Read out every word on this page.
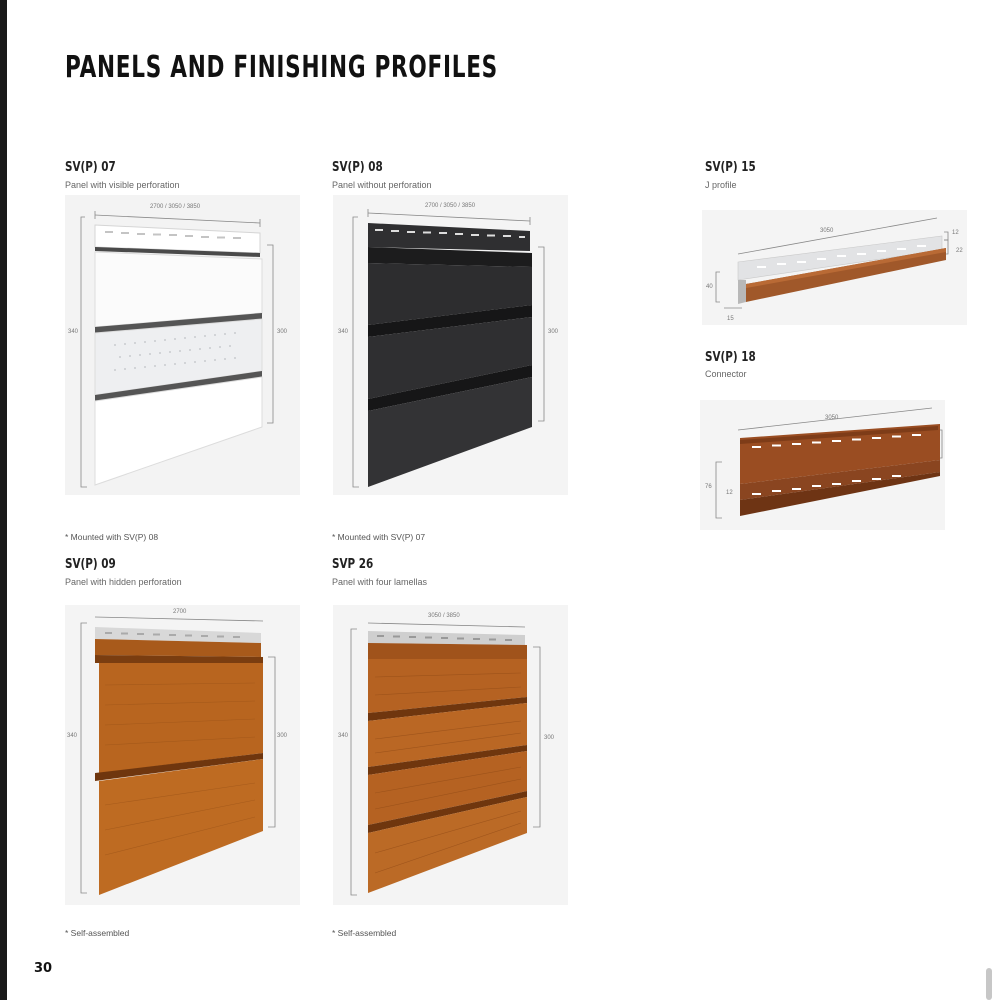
PANELS AND FINISHING PROFILES
SV(P) 07
Panel with visible perforation
2700 / 3050 / 3850
340	300
* Mounted with SV(P) 08
SV(P) 08
Panel without perforation
2700 / 3050 / 3850
340	300
* Mounted with SV(P) 07
SV(P) 15
J profile
3050	12
22
40
15
SV(P) 18
Connector
3050
76
12
SV(P) 09
Panel with hidden perforation
2700
340	300
* Self-assembled
SVP 26
Panel with four lamellas
3050 / 3850
340	300
* Self-assembled
30
